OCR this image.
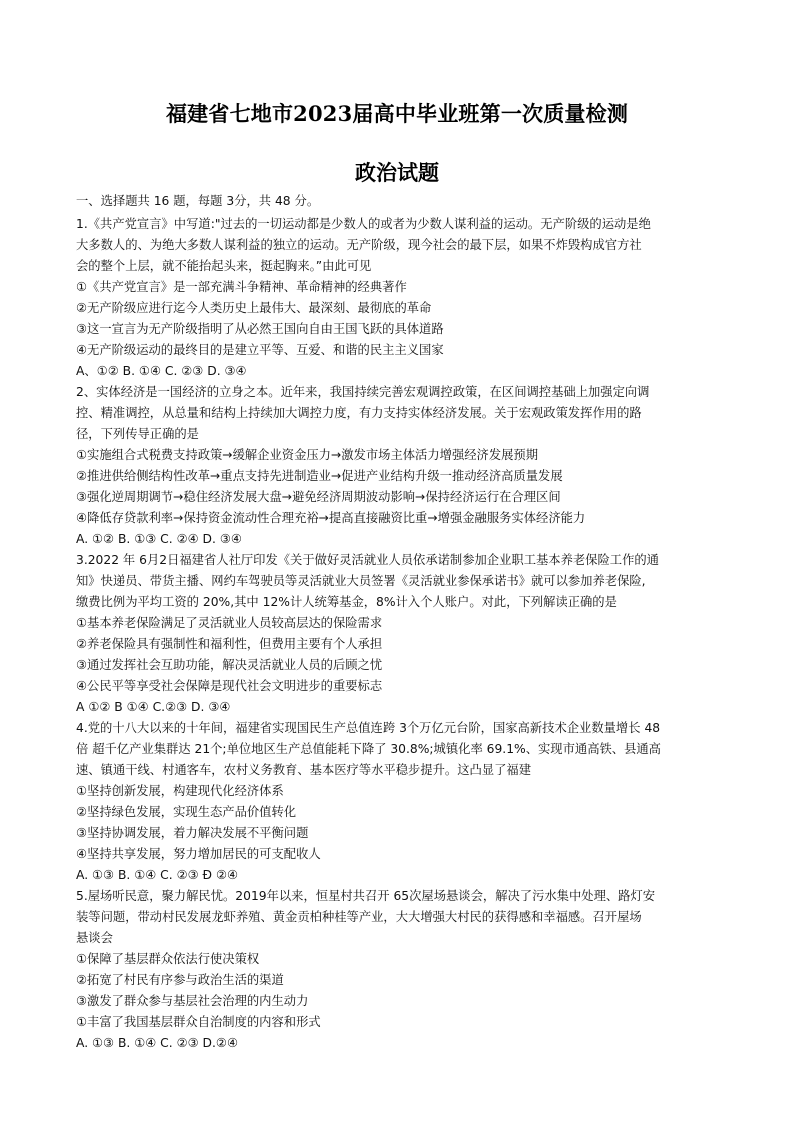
福建省七地市2023届高中毕业班第一次质量检测
政治试题
一、选择题共 16 题，每题 3分，共 48 分。
1.《共产党宣言》中写道:"过去的一切运动都是少数人的或者为少数人谋利益的运动。无产阶级的运动是绝
大多数人的、为绝大多数人谋利益的独立的运动。无产阶级，现今社会的最下层，如果不炸毁构成官方社
会的整个上层，就不能抬起头来，挺起胸来。”由此可见
①《共产党宣言》是一部充满斗争精神、革命精神的经典著作
②无产阶级应进行迄今人类历史上最伟大、最深刻、最彻底的革命
③这一宣言为无产阶级指明了从必然王国向自由王国飞跃的具体道路
④无产阶级运动的最终目的是建立平等、互爱、和谐的民主主义国家
A、①② B. ①④ C. ②③ D. ③④
2、实体经济是一国经济的立身之本。近年来，我国持续完善宏观调控政策，在区间调控基础上加强定向调
控、精准调控，从总量和结构上持续加大调控力度，有力支持实体经济发展。关于宏观政策发挥作用的路
径，下列传导正确的是
①实施组合式税费支持政策→缓解企业资金压力→激发市场主体活力增强经济发展预期
②推进供给侧结构性改革→重点支持先进制造业→促进产业结构升级一推动经济高质量发展
③强化逆周期调节→稳住经济发展大盘→避免经济周期波动影响→保持经济运行在合理区间
④降低存贷款利率→保持资金流动性合理充裕→提高直接融资比重→增强金融服务实体经济能力
A. ①② B. ①③ C. ②④ D. ③④
3.2022 年 6月2日福建省人社厅印发《关于做好灵活就业人员依承诺制参加企业职工基本养老保险工作的通
知》快递员、带货主播、网约车驾驶员等灵活就业大员签署《灵活就业参保承诺书》就可以参加养老保险,
缴费比例为平均工资的 20%,其中 12%计人统筹基金，8%计入个人账户。对此，下列解读正确的是
①基本养老保险满足了灵活就业人员较高层达的保险需求
②养老保险具有强制性和福利性，但费用主要有个人承担
③通过发挥社会互助功能，解决灵活就业人员的后顾之忧
④公民平等享受社会保障是现代社会文明进步的重要标志
A ①② B ①④ C.②③ D. ③④
4.党的十八大以来的十年间，福建省实现国民生产总值连跨 3个万亿元台阶，国家高新技术企业数量增长 48
倍 超千亿产业集群达 21个;单位地区生产总值能耗下降了 30.8%;城镇化率 69.1%、实现市通高铁、县通高
速、镇通干线、村通客车，农村义务教育、基本医疗等水平稳步提升。这凸显了福建
①坚持创新发展，构建现代化经济体系
②坚持绿色发展，实现生态产品价值转化
③坚持协调发展，着力解决发展不平衡问题
④坚持共享发展，努力增加居民的可支配收人
A. ①③ B. ①④ C. ②③ Đ ②④
5.屋场听民意，聚力解民忧。2019年以来，恒星村共召开 65次屋场悬谈会，解决了污水集中处理、路灯安
装等问题，带动村民发展龙虾养殖、黄金贡柏种桂等产业，大大增强大村民的获得感和幸福感。召开屋场
悬谈会
①保障了基层群众依法行使决策权
②拓宽了村民有序参与政治生活的渠道
③激发了群众参与基层社会治理的内生动力
①丰富了我国基层群众自治制度的内容和形式
A. ①③ B. ①④ C. ②③ D.②④
